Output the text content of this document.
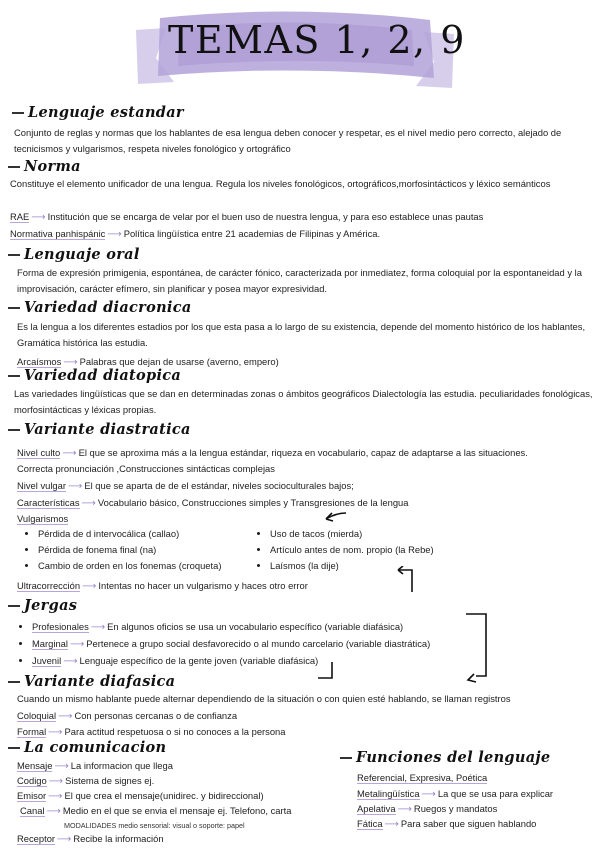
TEMAS 1, 2, 9
Lenguaje estandar
Conjunto de reglas y normas que los hablantes de esa lengua deben conocer y respetar, es el nivel medio pero correcto, alejado de tecnicismos y vulgarismos, respeta niveles fonológico y ortográfico
Norma
Constituye el elemento unificador de una lengua. Regula los niveles fonológicos, ortográficos,morfosintácticos y léxico semánticos
RAE ⟶ Institución que se encarga de velar por el buen uso de nuestra lengua, y para eso establece unas pautas
Normativa panhispánic ⟶ Política lingüística entre 21 academias de Filipinas y América.
Lenguaje oral
Forma de expresión primigenia, espontánea, de carácter fónico, caracterizada por inmediatez, forma coloquial por la espontaneidad y la improvisación, carácter efímero, sin planificar y posea mayor expresividad.
Variedad diacronica
Es la lengua a los diferentes estadios por los que esta pasa a lo largo de su existencia, depende del momento histórico de los hablantes, Gramática histórica las estudia.
Arcaísmos ⟶ Palabras que dejan de usarse (averno, empero)
Variedad diatopica
Las variedades lingüísticas que se dan en determinadas zonas o ámbitos geográficos Dialectología las estudia. peculiaridades fonológicas, morfosintácticas y léxicas propias.
Variante diastratica
Nivel culto ⟶ El que se aproxima más a la lengua estándar, riqueza en vocabulario, capaz de adaptarse a las situaciones.
Correcta pronunciación ,Construcciones sintácticas complejas
Nivel vulgar ⟶ El que se aparta de de el estándar, niveles socioculturales bajos;
Características ⟶ Vocabulario básico, Construcciones simples y Transgresiones de la lengua
Vulgarismos
• Pérdida de d intervocálica (callao)
• Pérdida de fonema final (na)
• Cambio de orden en los fonemas (croqueta)
• Uso de tacos (mierda)
• Artículo antes de nom. propio (la Rebe)
• Laísmos (la dije)
Ultracorrección ⟶ Intentas no hacer un vulgarismo y haces otro error
Jergas
• Profesionales ⟶ En algunos oficios se usa un vocabulario específico (variable diafásica)
• Marginal ⟶ Pertenece a grupo social desfavorecido o al mundo carcelario (variable diastrática)
• Juvenil ⟶ Lenguaje específico de la gente joven (variable diafásica)
Variante diafasica
Cuando un mismo hablante puede alternar dependiendo de la situación o con quien esté hablando, se llaman registros
Coloquial ⟶ Con personas cercanas o de confianza
Formal ⟶ Para actitud respetuosa o si no conoces a la persona
La comunicacion
Mensaje ⟶ La informacion que llega
Codigo ⟶ Sistema de signes ej.
Emisor ⟶ El que crea el mensaje(unidirec. y bidireccional)
Canal ⟶ Medio en el que se envia el mensaje ej. Telefono, carta
MODALIDADES medio sensorial: visual o soporte: papel
Receptor ⟶ Recibe la información
Funciones del lenguaje
Referencial, Expresiva, Poética
Metalingüística ⟶ La que se usa para explicar
Apelativa ⟶ Ruegos y mandatos
Fática ⟶ Para saber que siguen hablando
